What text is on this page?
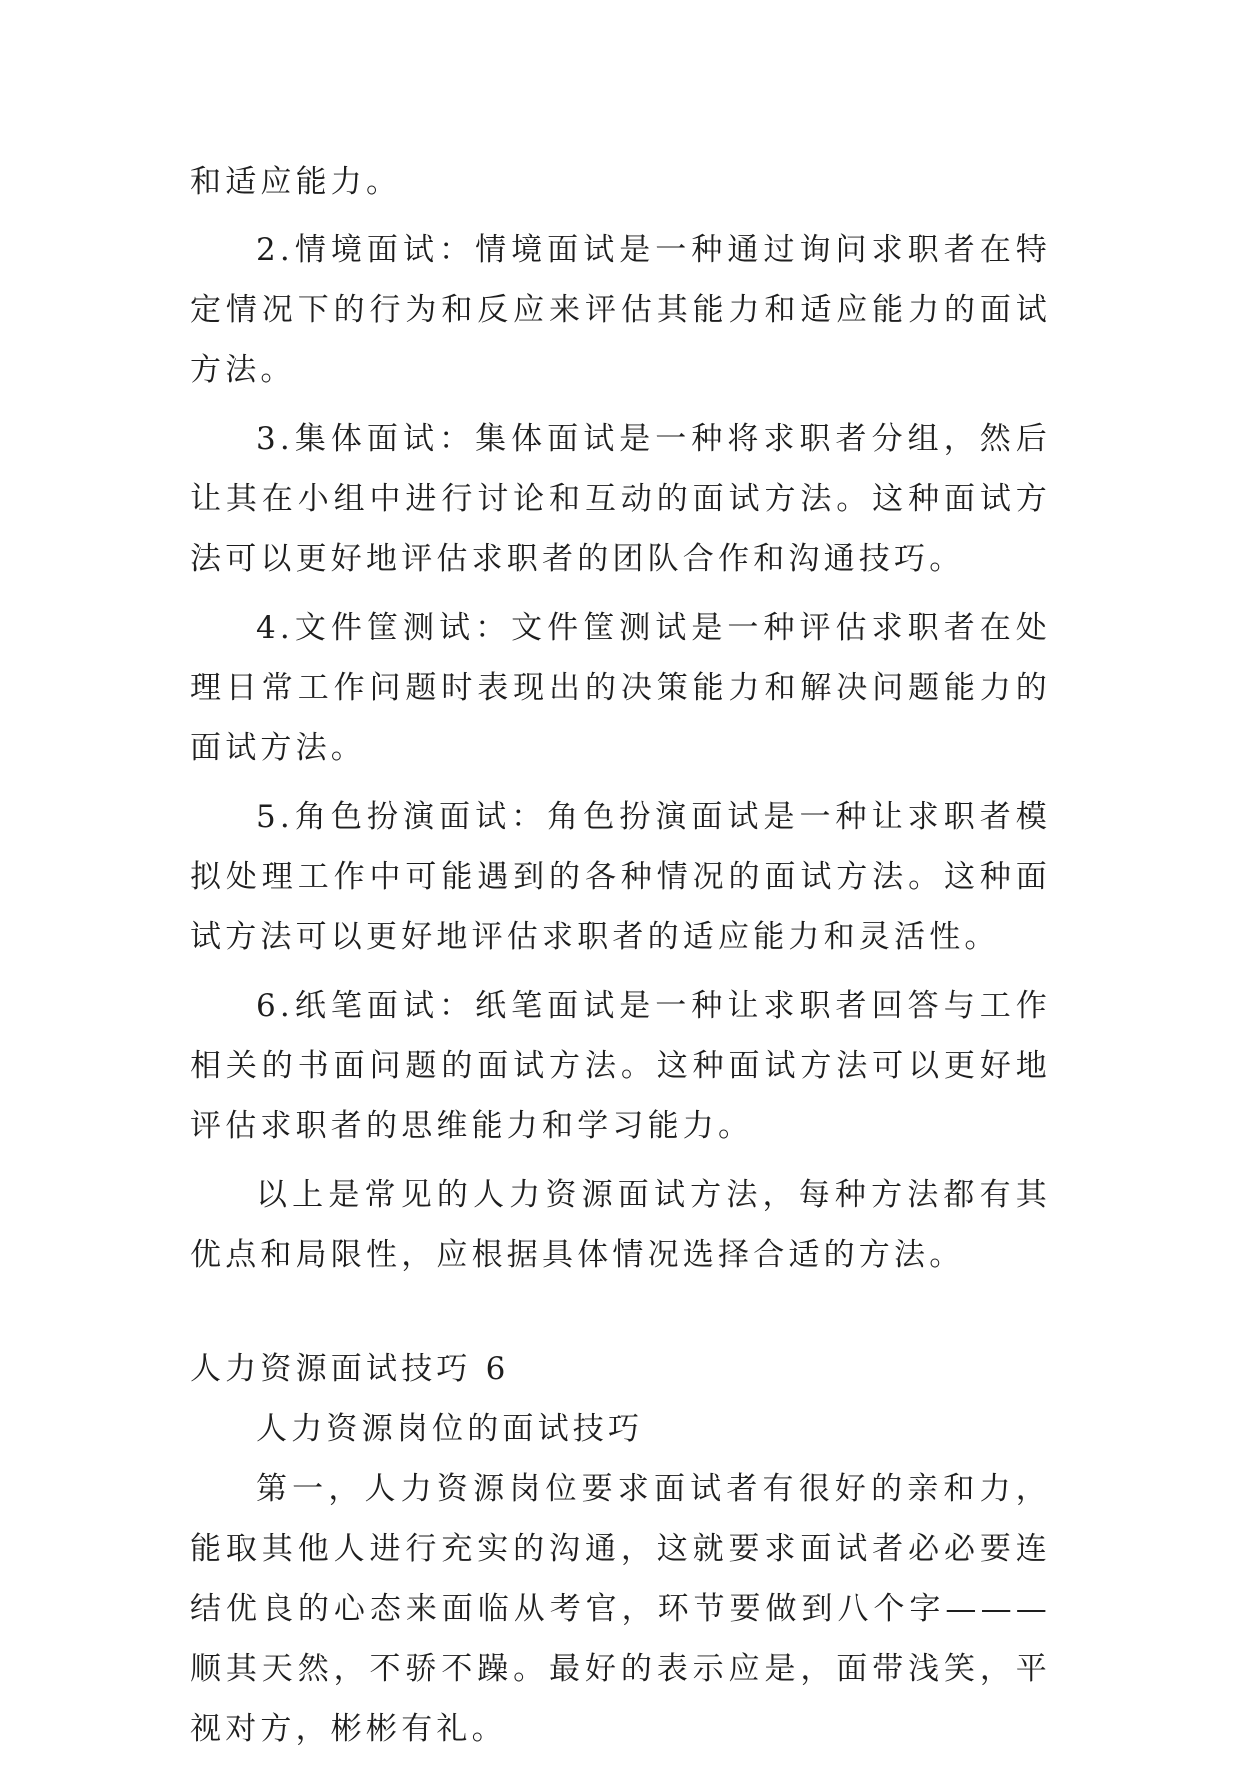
和适应能力。

2.情境面试：情境面试是一种通过询问求职者在特定情况下的行为和反应来评估其能力和适应能力的面试方法。

3.集体面试：集体面试是一种将求职者分组，然后让其在小组中进行讨论和互动的面试方法。这种面试方法可以更好地评估求职者的团队合作和沟通技巧。

4.文件筐测试：文件筐测试是一种评估求职者在处理日常工作问题时表现出的决策能力和解决问题能力的面试方法。

5.角色扮演面试：角色扮演面试是一种让求职者模拟处理工作中可能遇到的各种情况的面试方法。这种面试方法可以更好地评估求职者的适应能力和灵活性。

6.纸笔面试：纸笔面试是一种让求职者回答与工作相关的书面问题的面试方法。这种面试方法可以更好地评估求职者的思维能力和学习能力。

以上是常见的人力资源面试方法，每种方法都有其优点和局限性，应根据具体情况选择合适的方法。

人力资源面试技巧 6

人力资源岗位的面试技巧

第一，人力资源岗位要求面试者有很好的亲和力，能取其他人进行充实的沟通，这就要求面试者必必要连结优良的心态来面临从考官，环节要做到八个字———顺其天然，不骄不躁。最好的表示应是，面带浅笑，平视对方，彬彬有礼。
